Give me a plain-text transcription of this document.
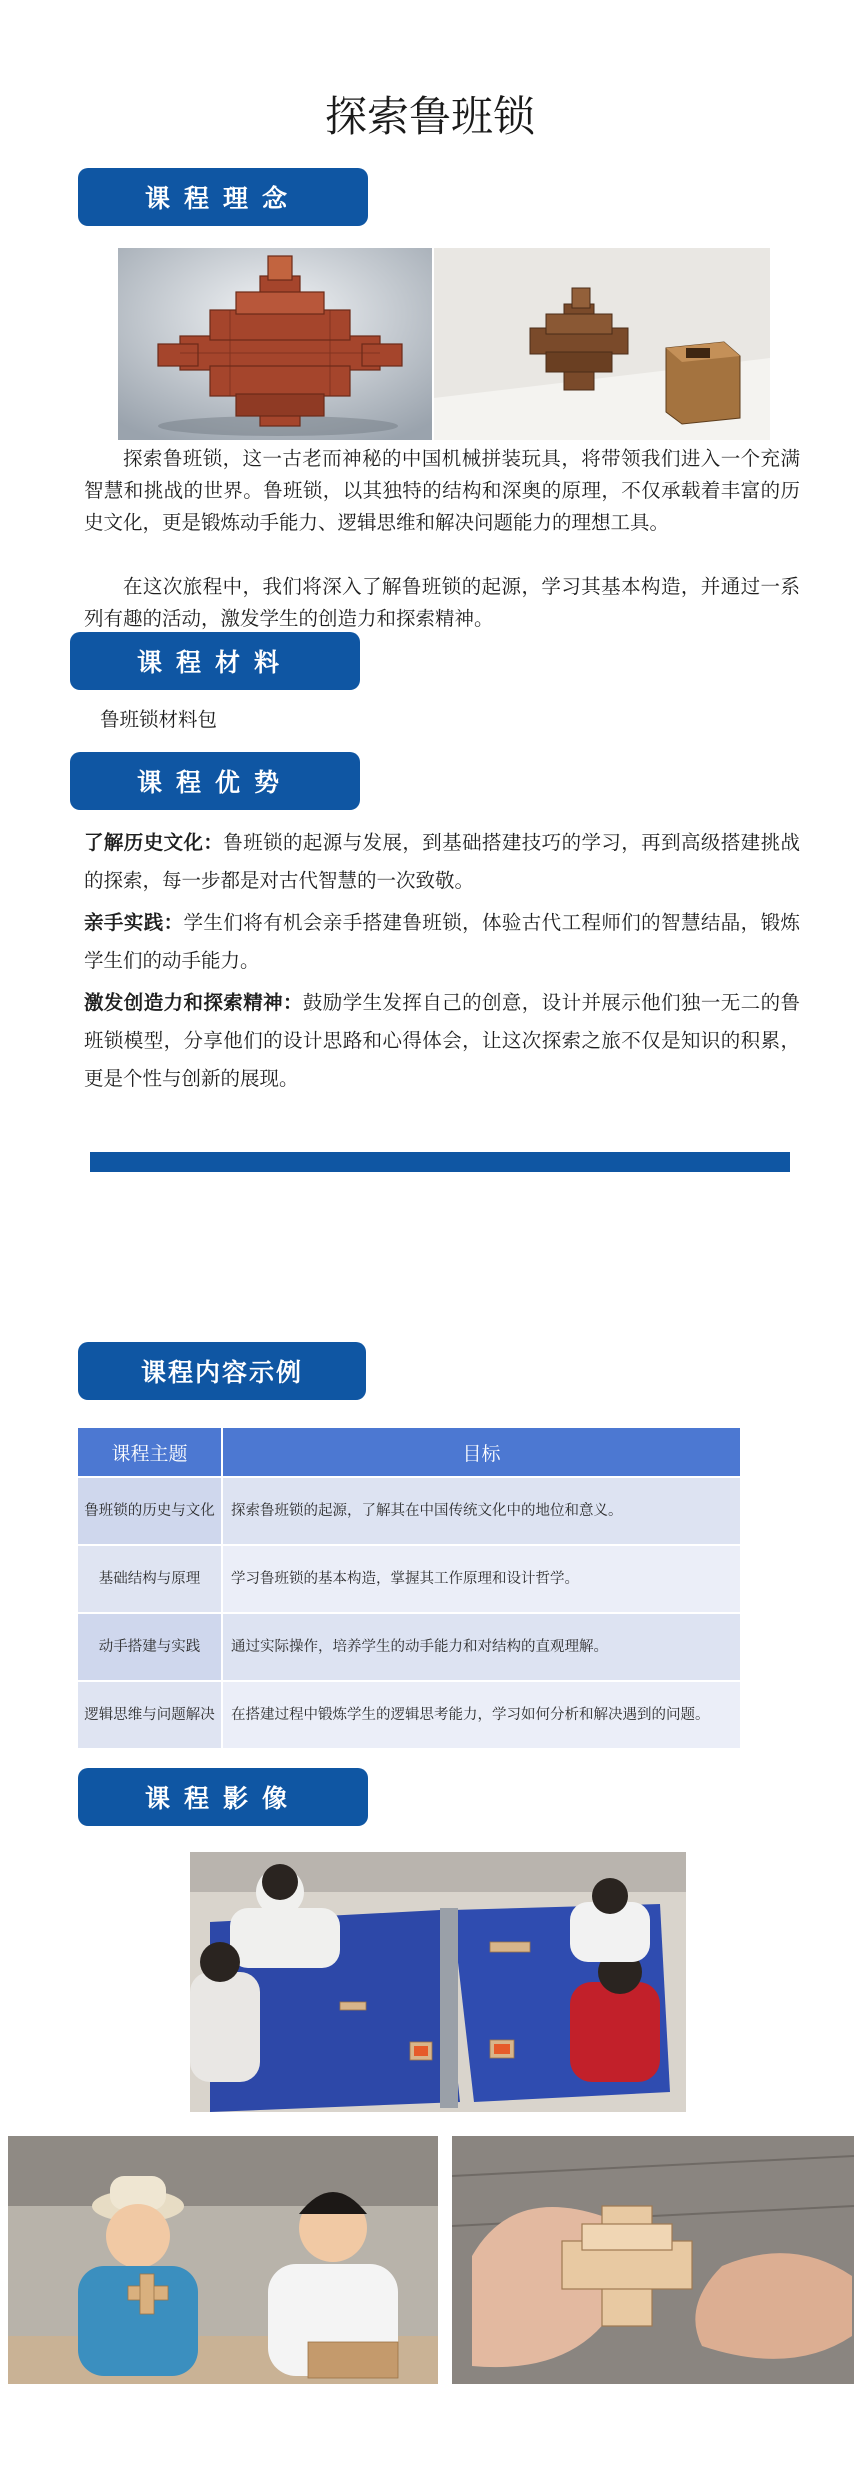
探索鲁班锁
课程理念
探索鲁班锁，这一古老而神秘的中国机械拼装玩具，将带领我们进入一个充满智慧和挑战的世界。鲁班锁，以其独特的结构和深奥的原理，不仅承载着丰富的历史文化，更是锻炼动手能力、逻辑思维和解决问题能力的理想工具。
在这次旅程中，我们将深入了解鲁班锁的起源，学习其基本构造，并通过一系列有趣的活动，激发学生的创造力和探索精神。
课程材料
鲁班锁材料包
课程优势
了解历史文化：鲁班锁的起源与发展，到基础搭建技巧的学习，再到高级搭建挑战的探索，每一步都是对古代智慧的一次致敬。
亲手实践：学生们将有机会亲手搭建鲁班锁，体验古代工程师们的智慧结晶，锻炼学生们的动手能力。
激发创造力和探索精神：鼓励学生发挥自己的创意，设计并展示他们独一无二的鲁班锁模型，分享他们的设计思路和心得体会，让这次探索之旅不仅是知识的积累，更是个性与创新的展现。
课程内容示例
课程主题	目标
鲁班锁的历史与文化	探索鲁班锁的起源，了解其在中国传统文化中的地位和意义。
基础结构与原理	学习鲁班锁的基本构造，掌握其工作原理和设计哲学。
动手搭建与实践	通过实际操作，培养学生的动手能力和对结构的直观理解。
逻辑思维与问题解决	在搭建过程中锻炼学生的逻辑思考能力，学习如何分析和解决遇到的问题。
课程影像
